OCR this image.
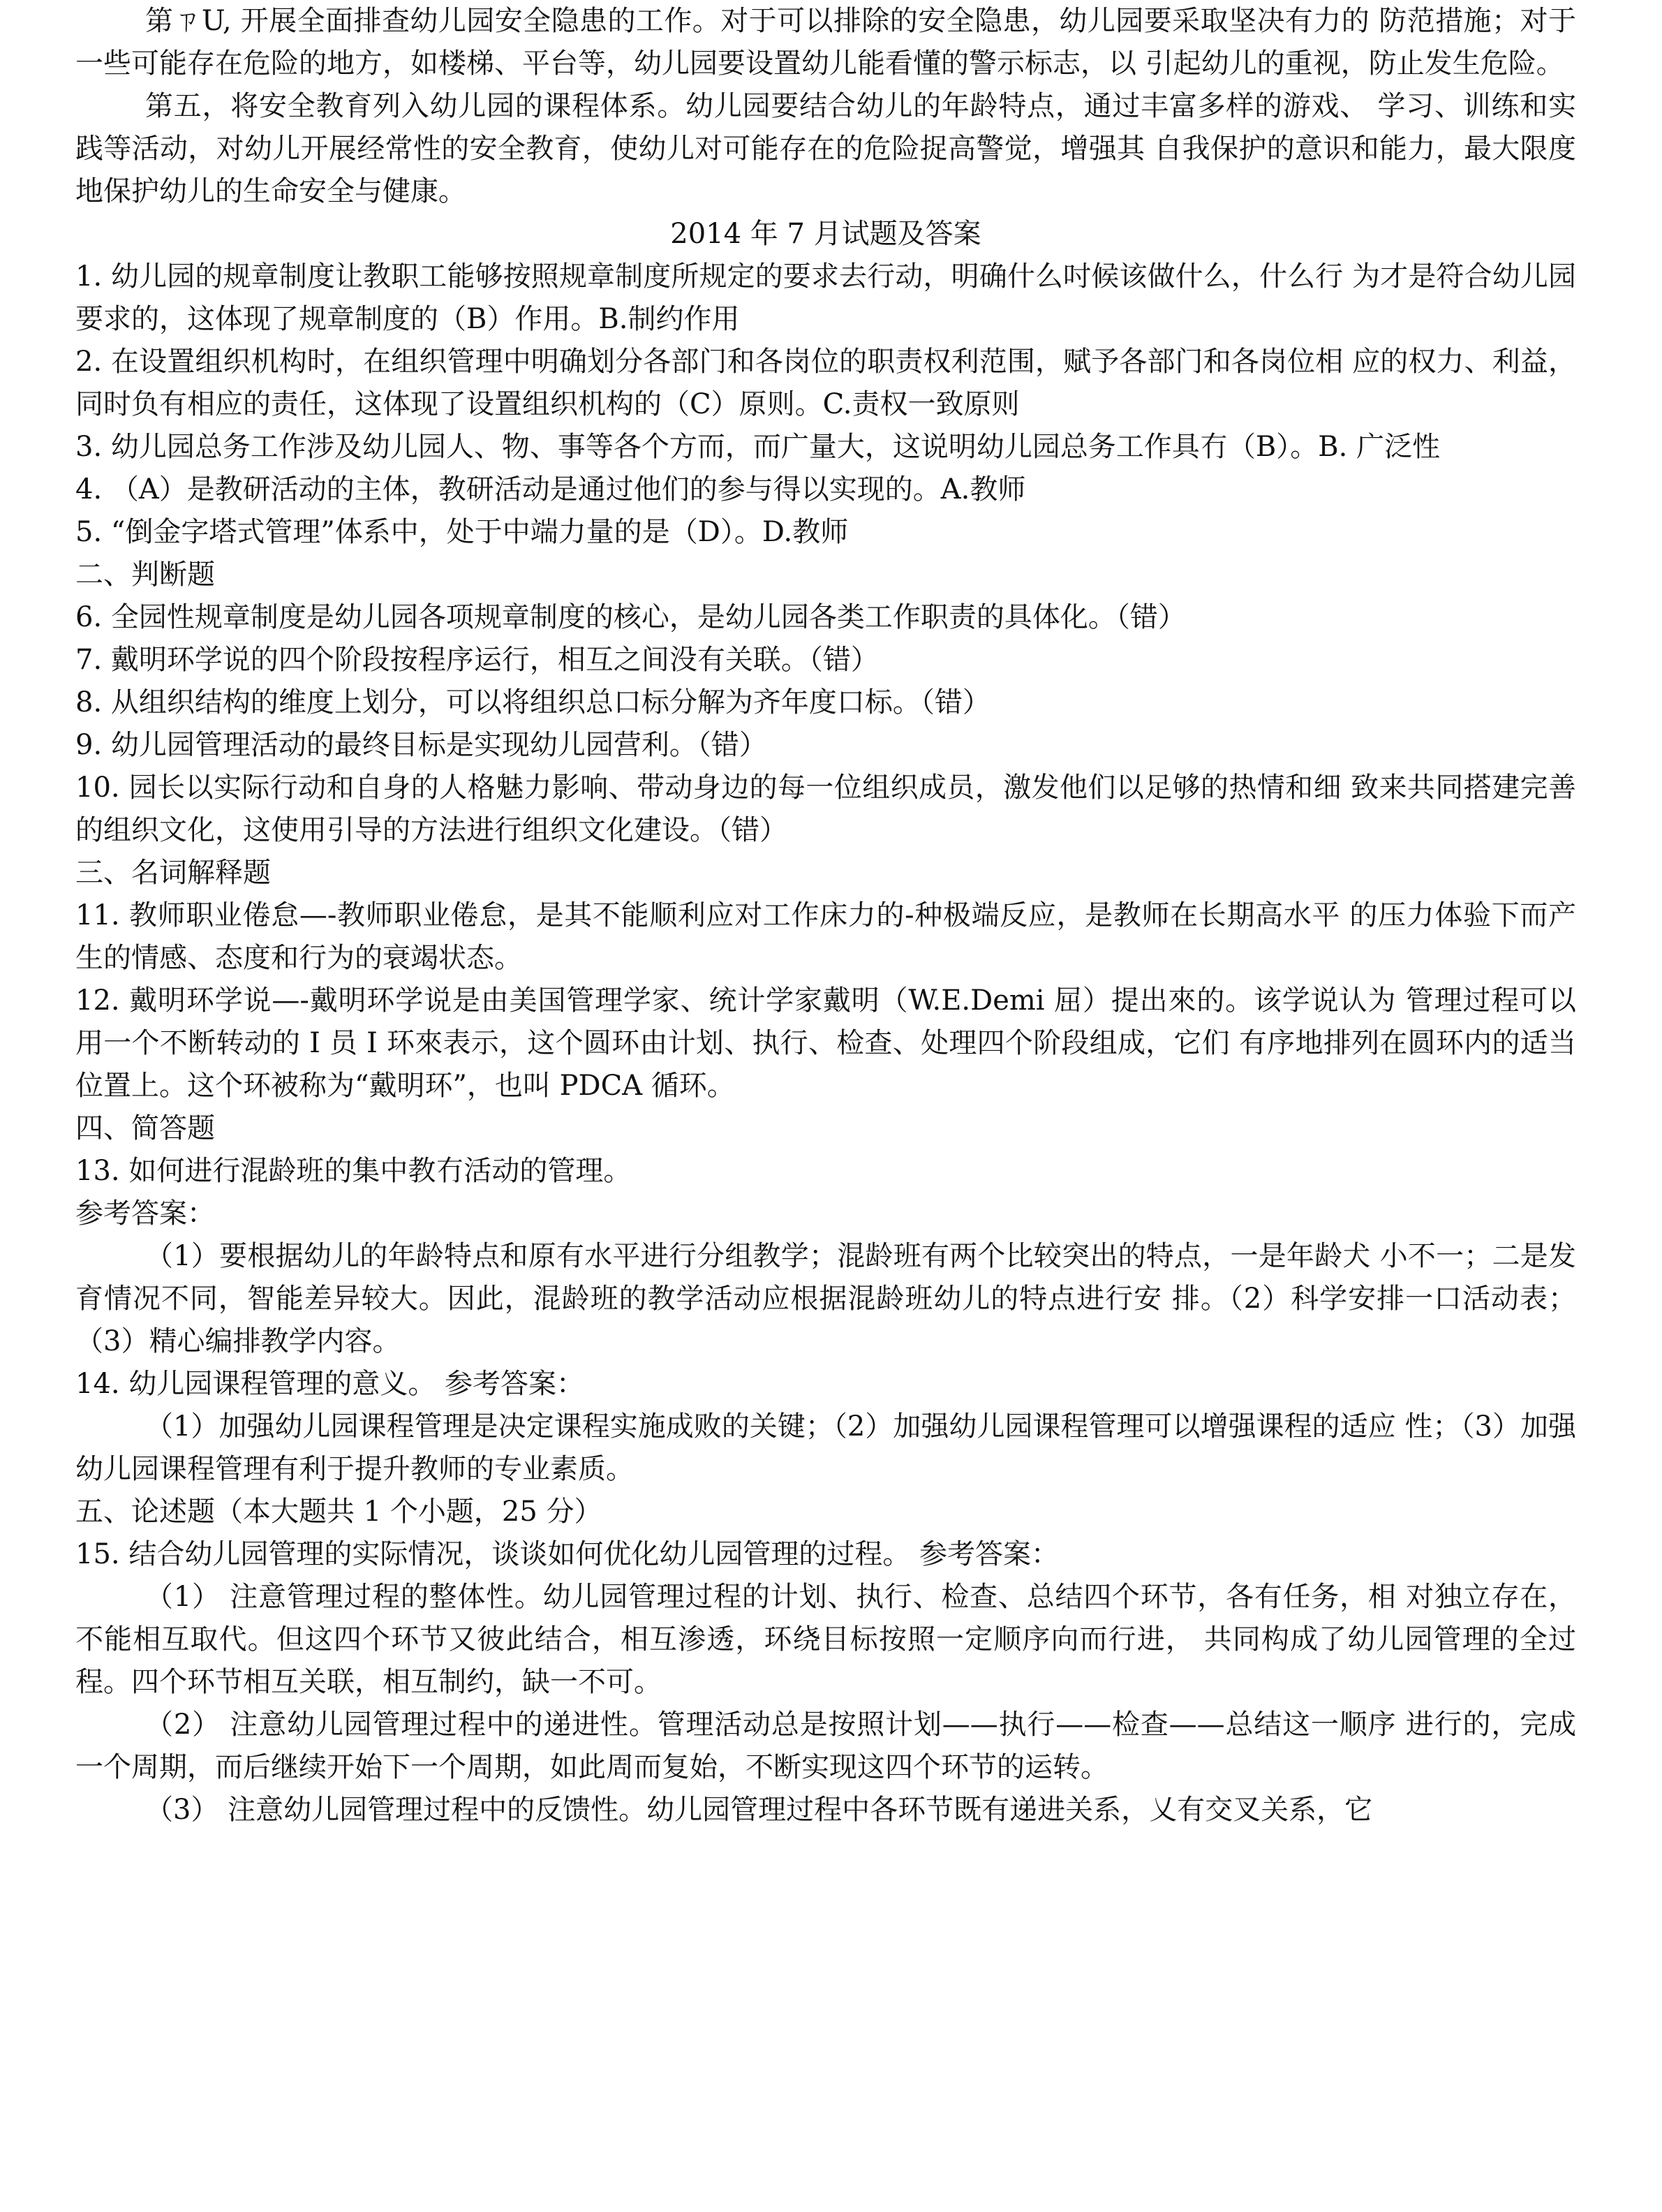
第ㄗU, 开展全面排查幼儿园安全隐患的工作。对于可以排除的安全隐患，幼儿园要采取坚决有力的 防范措施；对于一些可能存在危险的地方，如楼梯、平台等，幼儿园要设置幼儿能看懂的警示标志，以 引起幼儿的重视，防止发生危险。

第五，将安全教育列入幼儿园的课程体系。幼儿园要结合幼儿的年龄特点，通过丰富多样的游戏、 学习、训练和实践等活动，对幼儿开展经常性的安全教育，使幼儿对可能存在的危险捉高警觉，增强其 自我保护的意识和能力，最大限度地保护幼儿的生命安全与健康。

2014 年 7 月试题及答案

1. 幼儿园的规章制度让教职工能够按照规章制度所规定的要求去行动，明确什么吋候该做什么，什么行 为才是符合幼儿园要求的，这体现了规章制度的（B）作用。B.制约作用

2. 在设置组织机构时，在组织管理中明确划分各部门和各岗位的职责权利范围，赋予各部门和各岗位相 应的权力、利益，同时负有相应的责任，这体现了设置组织机构的（C）原则。C.责权一致原则

3. 幼儿园总务工作涉及幼儿园人、物、事等各个方而，而广量大，这说明幼儿园总务工作具冇（B）。B. 广泛性

4. （A）是教研活动的主体，教研活动是通过他们的参与得以实现的。A.教师

5. “倒金字塔式管理”体系中，处于中端力量的是（D）。D.教师

二、判断题

6. 全园性规章制度是幼儿园各项规章制度的核心，是幼儿园各类工作职责的具体化。（错）

7. 戴明环学说的四个阶段按程序运行，相互之间没有关联。（错）

8. 从组织结构的维度上划分，可以将组织总口标分解为齐年度口标。（错）

9. 幼儿园管理活动的最终目标是实现幼儿园营利。（错）

10. 园长以实际行动和自身的人格魅力影响、带动身边的每一位组织成员，激发他们以足够的热情和细 致来共同搭建完善的组织文化，这使用引导的方法进行组织文化建设。（错）

三、名词解释题

11. 教师职业倦怠—-教师职业倦怠，是其不能顺利应对工作床力的-种极端反应，是教师在长期高水平 的压力体验下而产生的情感、态度和行为的衰竭状态。

12. 戴明环学说—-戴明环学说是由美国管理学家、统计学家戴明（W.E.Demi 屈）提出來的。该学说认为 管理过程可以用一个不断转动的 I 员 I 环來表示，这个圆环由计划、执行、检查、处理四个阶段组成，它们 有序地排列在圆环内的适当位置上。这个环被称为“戴明环”，也叫 PDCA 循环。

四、简答题

13. 如何进行混龄班的集中教冇活动的管理。

参考答案：

（1）要根据幼儿的年龄特点和原有水平进行分组教学；混龄班有两个比较突出的特点，一是年龄犬 小不一；二是发育情况不同，智能差异较大。因此，混龄班的教学活动应根据混龄班幼儿的特点进行安 排。（2）科学安排一口活动表；（3）精心编排教学内容。

14. 幼儿园课程管理的意义。 参考答案：

（1）加强幼儿园课程管理是决定课程实施成败的关键；（2）加强幼儿园课程管理可以增强课程的适应 性；（3）加强幼儿园课程管理有利于提升教师的专业素质。

五、论述题（本大题共 1 个小题，25 分）

15. 结合幼儿园管理的实际情况，谈谈如何优化幼儿园管理的过程。 参考答案：

（1） 注意管理过程的整体性。幼儿园管理过程的计划、执行、检查、总结四个环节，各有任务，相 对独立存在，不能相互取代。但这四个环节又彼此结合，相互渗透，环绕目标按照一定顺序向而行进， 共同构成了幼儿园管理的全过程。四个环节相互关联，相互制约，缺一不可。

（2） 注意幼儿园管理过程中的递进性。管理活动总是按照计划——执行——检查——总结这一顺序 进行的，完成一个周期，而后继续开始下一个周期，如此周而复始，不断实现这四个环节的运转。

（3） 注意幼儿园管理过程中的反馈性。幼儿园管理过程中各环节既有递进关系，乂有交叉关系，它
